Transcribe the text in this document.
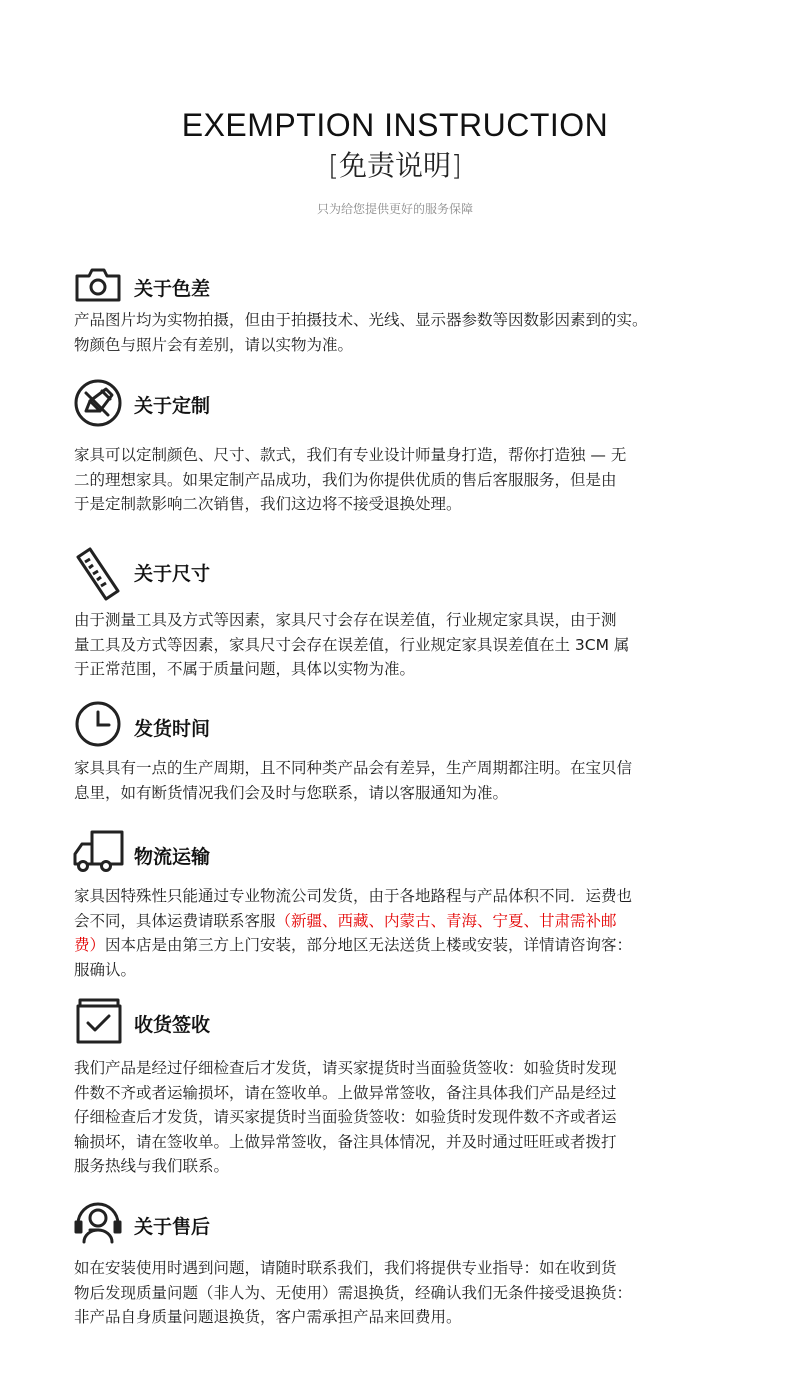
EXEMPTION INSTRUCTION
[免责说明]
只为给您提供更好的服务保障
关于色差
产品图片均为实物拍摄，但由于拍摄技术、光线、显示器参数等因数影因素到的实。
物颜色与照片会有差别，请以实物为准。
关于定制
家具可以定制颜色、尺寸、款式，我们有专业设计师量身打造，帮你打造独 — 无
二的理想家具。如果定制产品成功，我们为你提供优质的售后客服服务，但是由
于是定制款影响二次销售，我们这边将不接受退换处理。
关于尺寸
由于测量工具及方式等因素，家具尺寸会存在误差值，行业规定家具误，由于测
量工具及方式等因素，家具尺寸会存在误差值，行业规定家具误差值在土 3CM 属
于正常范围，不属于质量问题，具体以实物为准。
发货时间
家具具有一点的生产周期，且不同种类产品会有差异，生产周期都注明。在宝贝信
息里，如有断货情况我们会及时与您联系，请以客服通知为准。
物流运输
家具因特殊性只能通过专业物流公司发货，由于各地路程与产品体积不同．运费也
会不同，具体运费请联系客服（新疆、西藏、内蒙古、青海、宁夏、甘肃需补邮
费）因本店是由第三方上门安装，部分地区无法送货上楼或安装，详情请咨询客：
服确认。
收货签收
我们产品是经过仔细检查后才发货，请买家提货时当面验货签收：如验货时发现
件数不齐或者运输损坏，请在签收单。上做异常签收，备注具体我们产品是经过
仔细检查后才发货，请买家提货时当面验货签收：如验货时发现件数不齐或者运
输损坏，请在签收单。上做异常签收，备注具体情况，并及时通过旺旺或者拨打
服务热线与我们联系。
关于售后
如在安装使用时遇到问题，请随时联系我们，我们将提供专业指导：如在收到货
物后发现质量问题（非人为、无使用）需退换货，经确认我们无条件接受退换货：
非产品自身质量问题退换货，客户需承担产品来回费用。
